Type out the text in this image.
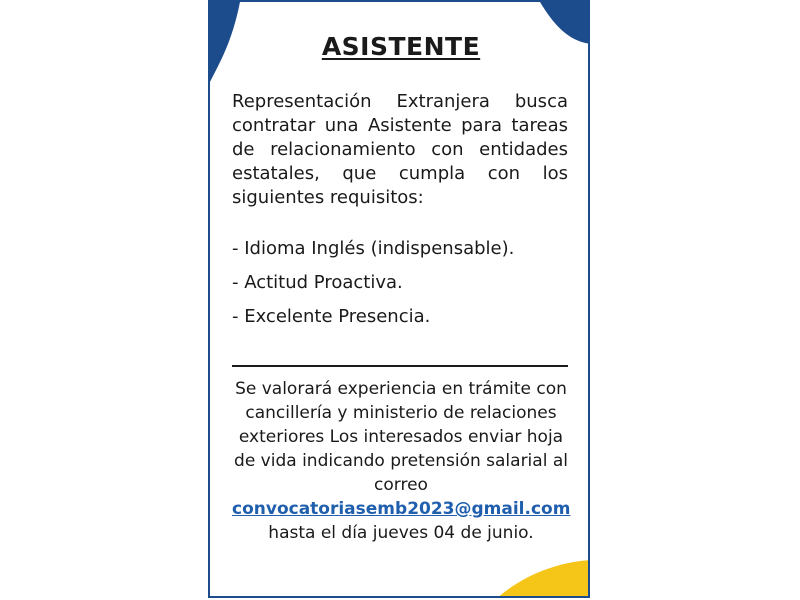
ASISTENTE

Representación Extranjera busca contratar una Asistente para tareas de relacionamiento con entidades estatales, que cumpla con los siguientes requisitos:

- Idioma Inglés (indispensable).
- Actitud Proactiva.
- Excelente Presencia.

Se valorará experiencia en trámite con cancillería y ministerio de relaciones exteriores Los interesados enviar hoja de vida indicando pretensión salarial al correo
convocatoriasemb2023@gmail.com
hasta el día jueves 04 de junio.
